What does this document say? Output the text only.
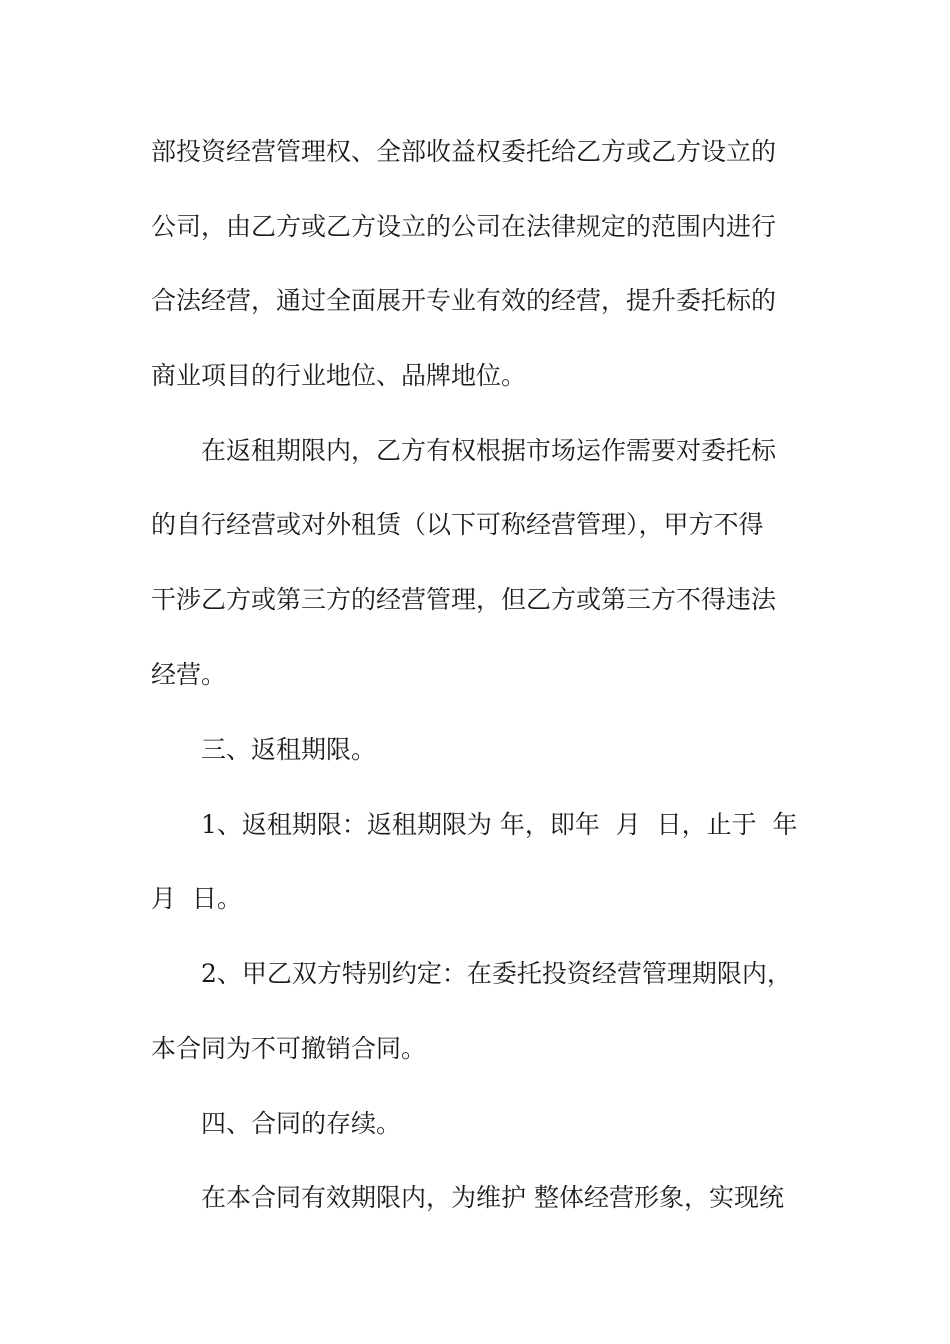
部投资经营管理权、全部收益权委托给乙方或乙方设立的

公司，由乙方或乙方设立的公司在法律规定的范围内进行

合法经营，通过全面展开专业有效的经营，提升委托标的

商业项目的行业地位、品牌地位。

在返租期限内，乙方有权根据市场运作需要对委托标

的自行经营或对外租赁（以下可称经营管理），甲方不得

干涉乙方或第三方的经营管理，但乙方或第三方不得违法

经营。

三、返租期限。

1、返租期限：返租期限为 年，即年  月  日，止于  年

月  日。

2、甲乙双方特别约定：在委托投资经营管理期限内，

本合同为不可撤销合同。

四、合同的存续。

在本合同有效期限内，为维护 整体经营形象，实现统
